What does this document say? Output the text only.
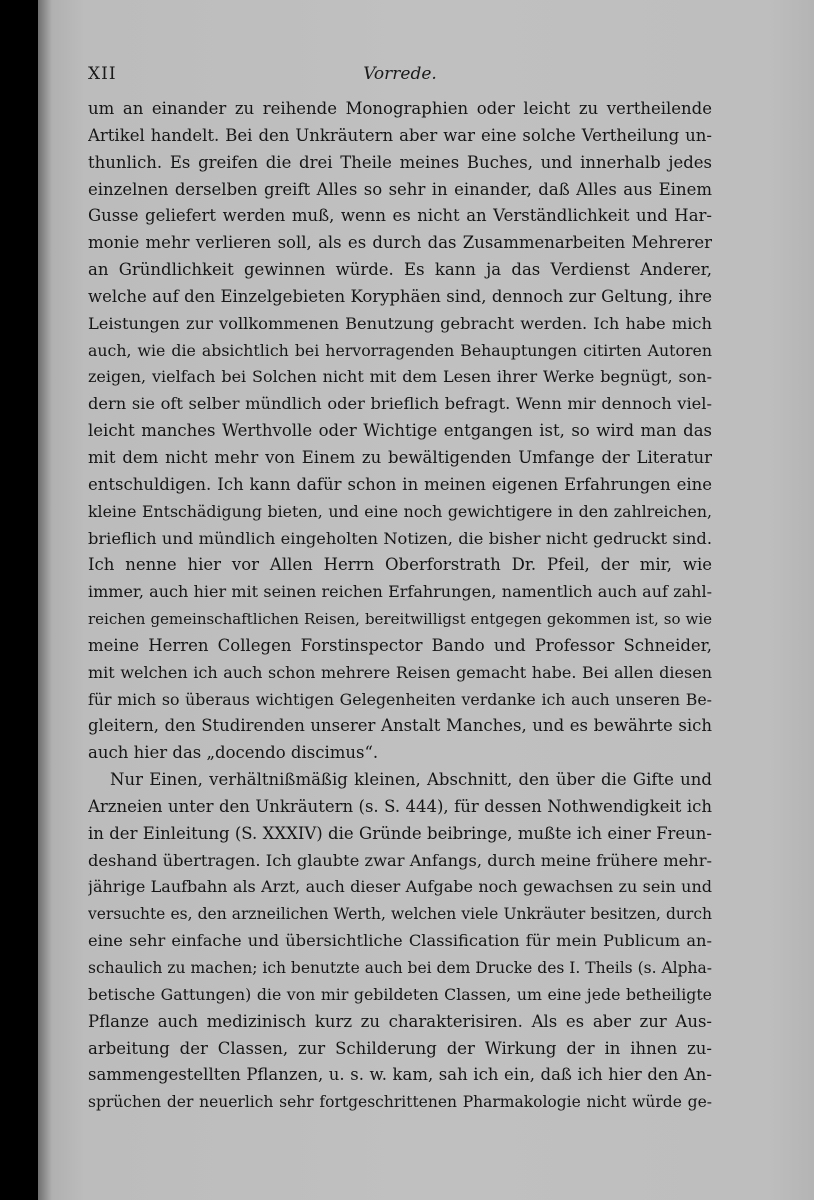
XII	Vorrede.
um an einander zu reihende Monographien oder leicht zu vertheilende
Artikel handelt. Bei den Unkräutern aber war eine solche Vertheilung un-
thunlich. Es greifen die drei Theile meines Buches, und innerhalb jedes
einzelnen derselben greift Alles so sehr in einander, daß Alles aus Einem
Gusse geliefert werden muß, wenn es nicht an Verständlichkeit und Har-
monie mehr verlieren soll, als es durch das Zusammenarbeiten Mehrerer
an Gründlichkeit gewinnen würde. Es kann ja das Verdienst Anderer,
welche auf den Einzelgebieten Koryphäen sind, dennoch zur Geltung, ihre
Leistungen zur vollkommenen Benutzung gebracht werden. Ich habe mich
auch, wie die absichtlich bei hervorragenden Behauptungen citirten Autoren
zeigen, vielfach bei Solchen nicht mit dem Lesen ihrer Werke begnügt, son-
dern sie oft selber mündlich oder brieflich befragt. Wenn mir dennoch viel-
leicht manches Werthvolle oder Wichtige entgangen ist, so wird man das
mit dem nicht mehr von Einem zu bewältigenden Umfange der Literatur
entschuldigen. Ich kann dafür schon in meinen eigenen Erfahrungen eine
kleine Entschädigung bieten, und eine noch gewichtigere in den zahlreichen,
brieflich und mündlich eingeholten Notizen, die bisher nicht gedruckt sind.
Ich nenne hier vor Allen Herrn Oberforstrath Dr. Pfeil, der mir, wie
immer, auch hier mit seinen reichen Erfahrungen, namentlich auch auf zahl-
reichen gemeinschaftlichen Reisen, bereitwilligst entgegen gekommen ist, so wie
meine Herren Collegen Forstinspector Bando und Professor Schneider,
mit welchen ich auch schon mehrere Reisen gemacht habe. Bei allen diesen
für mich so überaus wichtigen Gelegenheiten verdanke ich auch unseren Be-
gleitern, den Studirenden unserer Anstalt Manches, und es bewährte sich
auch hier das „docendo discimus“.
Nur Einen, verhältnißmäßig kleinen, Abschnitt, den über die Gifte und
Arzneien unter den Unkräutern (s. S. 444), für dessen Nothwendigkeit ich
in der Einleitung (S. XXXIV) die Gründe beibringe, mußte ich einer Freun-
deshand übertragen. Ich glaubte zwar Anfangs, durch meine frühere mehr-
jährige Laufbahn als Arzt, auch dieser Aufgabe noch gewachsen zu sein und
versuchte es, den arzneilichen Werth, welchen viele Unkräuter besitzen, durch
eine sehr einfache und übersichtliche Classification für mein Publicum an-
schaulich zu machen; ich benutzte auch bei dem Drucke des I. Theils (s. Alpha-
betische Gattungen) die von mir gebildeten Classen, um eine jede betheiligte
Pflanze auch medizinisch kurz zu charakterisiren. Als es aber zur Aus-
arbeitung der Classen, zur Schilderung der Wirkung der in ihnen zu-
sammengestellten Pflanzen, u. s. w. kam, sah ich ein, daß ich hier den An-
sprüchen der neuerlich sehr fortgeschrittenen Pharmakologie nicht würde ge-
